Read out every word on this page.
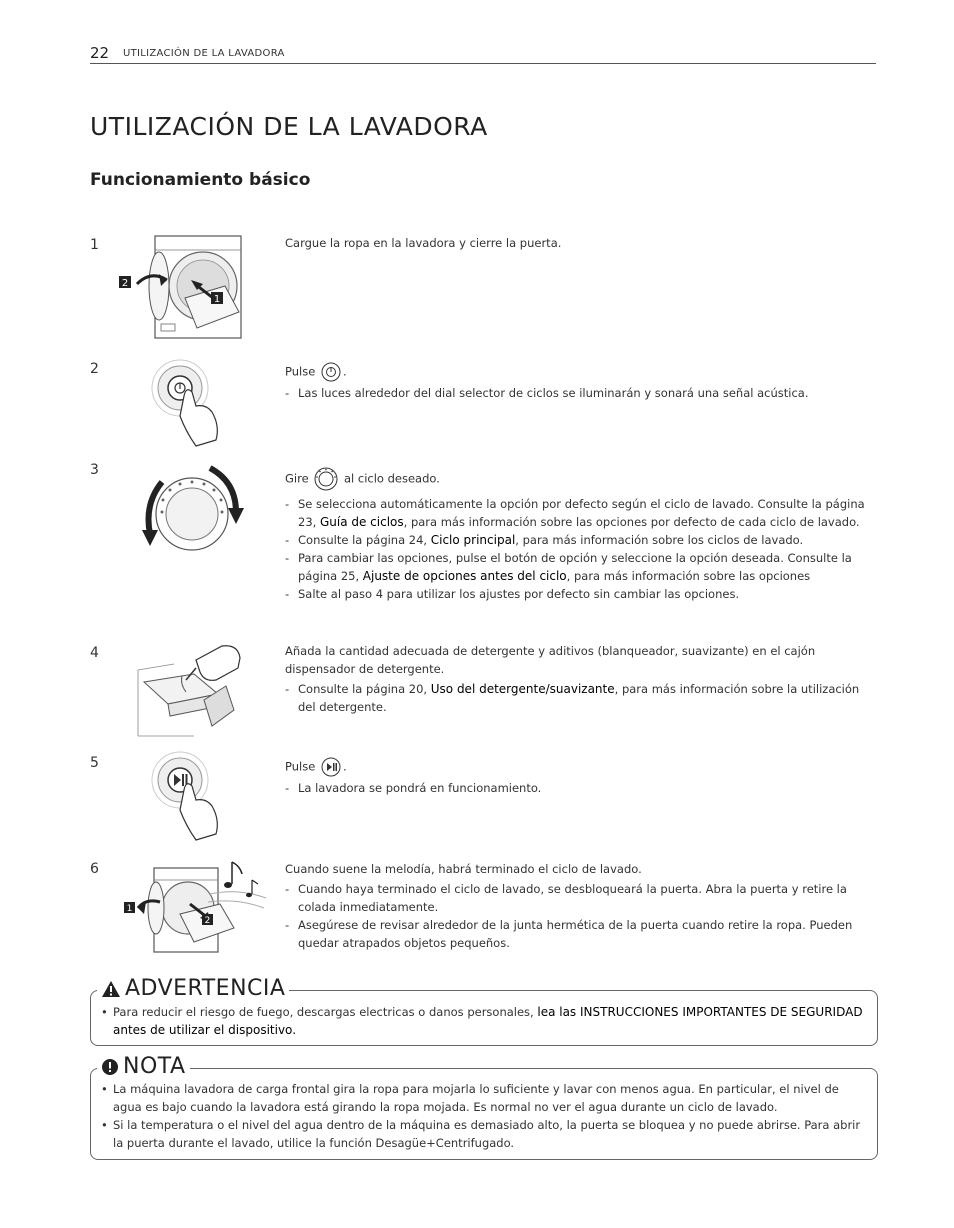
22 UTILIZACIÓN DE LA LAVADORA
UTILIZACIÓN DE LA LAVADORA
Funcionamiento básico
1
2
1

Cargue la ropa en la lavadora y cierre la puerta.

2	Pulse .

- Las luces alrededor del dial selector de ciclos se iluminarán y sonará una señal acústica.
3

Gire	al ciclo deseado.

- Se selecciona automáticamente la opción por defecto según el ciclo de lavado. Consulte la página 23, Guía de ciclos, para más información sobre las opciones por defecto de cada ciclo de lavado.
- Consulte la página 24, Ciclo principal, para más información sobre los ciclos de lavado.
- Para cambiar las opciones, pulse el botón de opción y seleccione la opción deseada. Consulte la página 25, Ajuste de opciones antes del ciclo, para más información sobre las opciones
- Salte al paso 4 para utilizar los ajustes por defecto sin cambiar las opciones.
4	Añada la cantidad adecuada de detergente y aditivos (blanqueador, suavizante) en el cajón dispensador de detergente.

- Consulte la página 20, Uso del detergente/suavizante, para más información sobre la utilización del detergente.
5	Pulse .

- La lavadora se pondrá en funcionamiento.
6
1
2

Cuando suene la melodía, habrá terminado el ciclo de lavado.

- Cuando haya terminado el ciclo de lavado, se desbloqueará la puerta. Abra la puerta y retire la colada inmediatamente.
- Asegúrese de revisar alrededor de la junta hermética de la puerta cuando retire la ropa. Pueden quedar atrapados objetos pequeños.
ADVERTENCIA
• Para reducir el riesgo de fuego, descargas electricas o danos personales, lea las INSTRUCCIONES IMPORTANTES DE SEGURIDAD antes de utilizar el dispositivo.
NOTA
• La máquina lavadora de carga frontal gira la ropa para mojarla lo suficiente y lavar con menos agua. En particular, el nivel de agua es bajo cuando la lavadora está girando la ropa mojada. Es normal no ver el agua durante un ciclo de lavado.
• Si la temperatura o el nivel del agua dentro de la máquina es demasiado alto, la puerta se bloquea y no puede abrirse. Para abrir la puerta durante el lavado, utilice la función Desagüe+Centrifugado.
